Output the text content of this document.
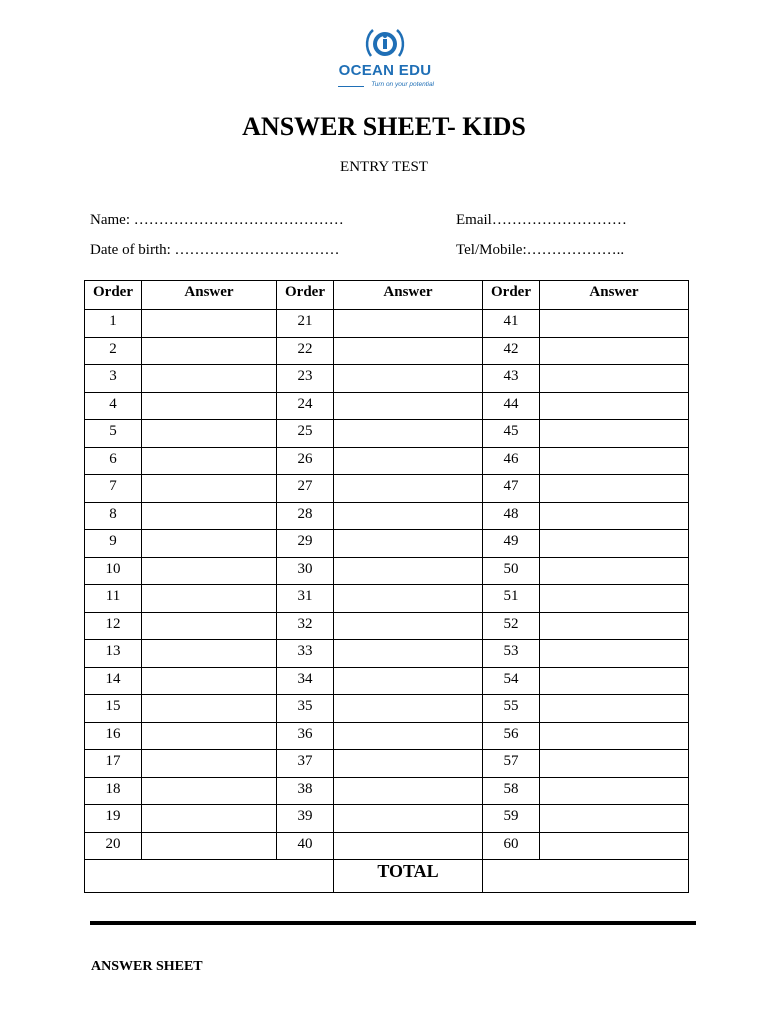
OCEAN EDU
Turn on your potential
ANSWER SHEET- KIDS
ENTRY TEST
Name: ……………………………………	Email………………………
Date of birth: ……………………………	Tel/Mobile:………………..
Order	Answer	Order	Answer	Order	Answer
1		21		41	
2		22		42	
3		23		43	
4		24		44	
5		25		45	
6		26		46	
7		27		47	
8		28		48	
9		29		49	
10		30		50	
11		31		51	
12		32		52	
13		33		53	
14		34		54	
15		35		55	
16		36		56	
17		37		57	
18		38		58	
19		39		59	
20		40		60	
			TOTAL		
ANSWER SHEET
